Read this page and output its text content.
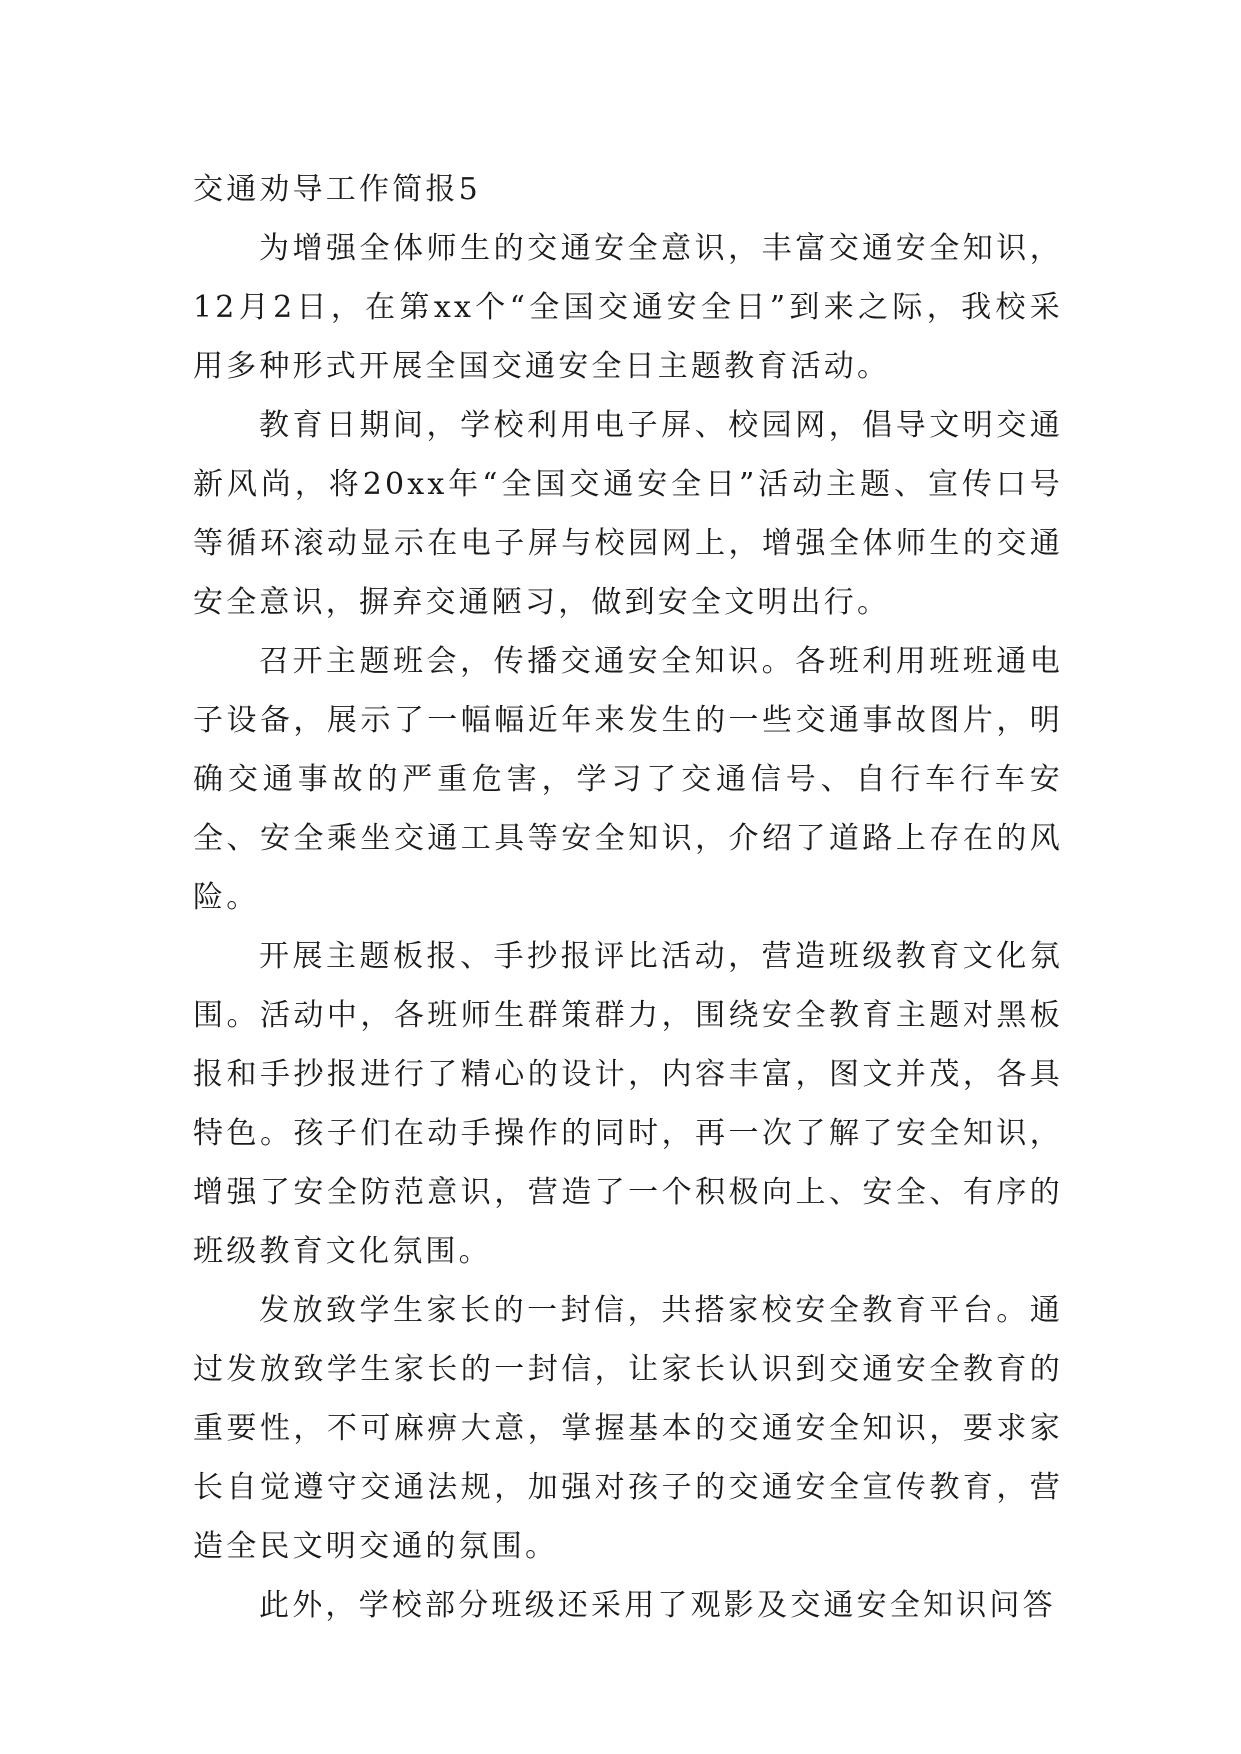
交通劝导工作简报5

为增强全体师生的交通安全意识，丰富交通安全知识，12月2日，在第xx个“全国交通安全日”到来之际，我校采用多种形式开展全国交通安全日主题教育活动。

教育日期间，学校利用电子屏、校园网，倡导文明交通新风尚，将20xx年“全国交通安全日”活动主题、宣传口号等循环滚动显示在电子屏与校园网上，增强全体师生的交通安全意识，摒弃交通陋习，做到安全文明出行。

召开主题班会，传播交通安全知识。各班利用班班通电子设备，展示了一幅幅近年来发生的一些交通事故图片，明确交通事故的严重危害，学习了交通信号、自行车行车安全、安全乘坐交通工具等安全知识，介绍了道路上存在的风险。

开展主题板报、手抄报评比活动，营造班级教育文化氛围。活动中，各班师生群策群力，围绕安全教育主题对黑板报和手抄报进行了精心的设计，内容丰富，图文并茂，各具特色。孩子们在动手操作的同时，再一次了解了安全知识，增强了安全防范意识，营造了一个积极向上、安全、有序的班级教育文化氛围。

发放致学生家长的一封信，共搭家校安全教育平台。通过发放致学生家长的一封信，让家长认识到交通安全教育的重要性，不可麻痹大意，掌握基本的交通安全知识，要求家长自觉遵守交通法规，加强对孩子的交通安全宣传教育，营造全民文明交通的氛围。

此外，学校部分班级还采用了观影及交通安全知识问答
